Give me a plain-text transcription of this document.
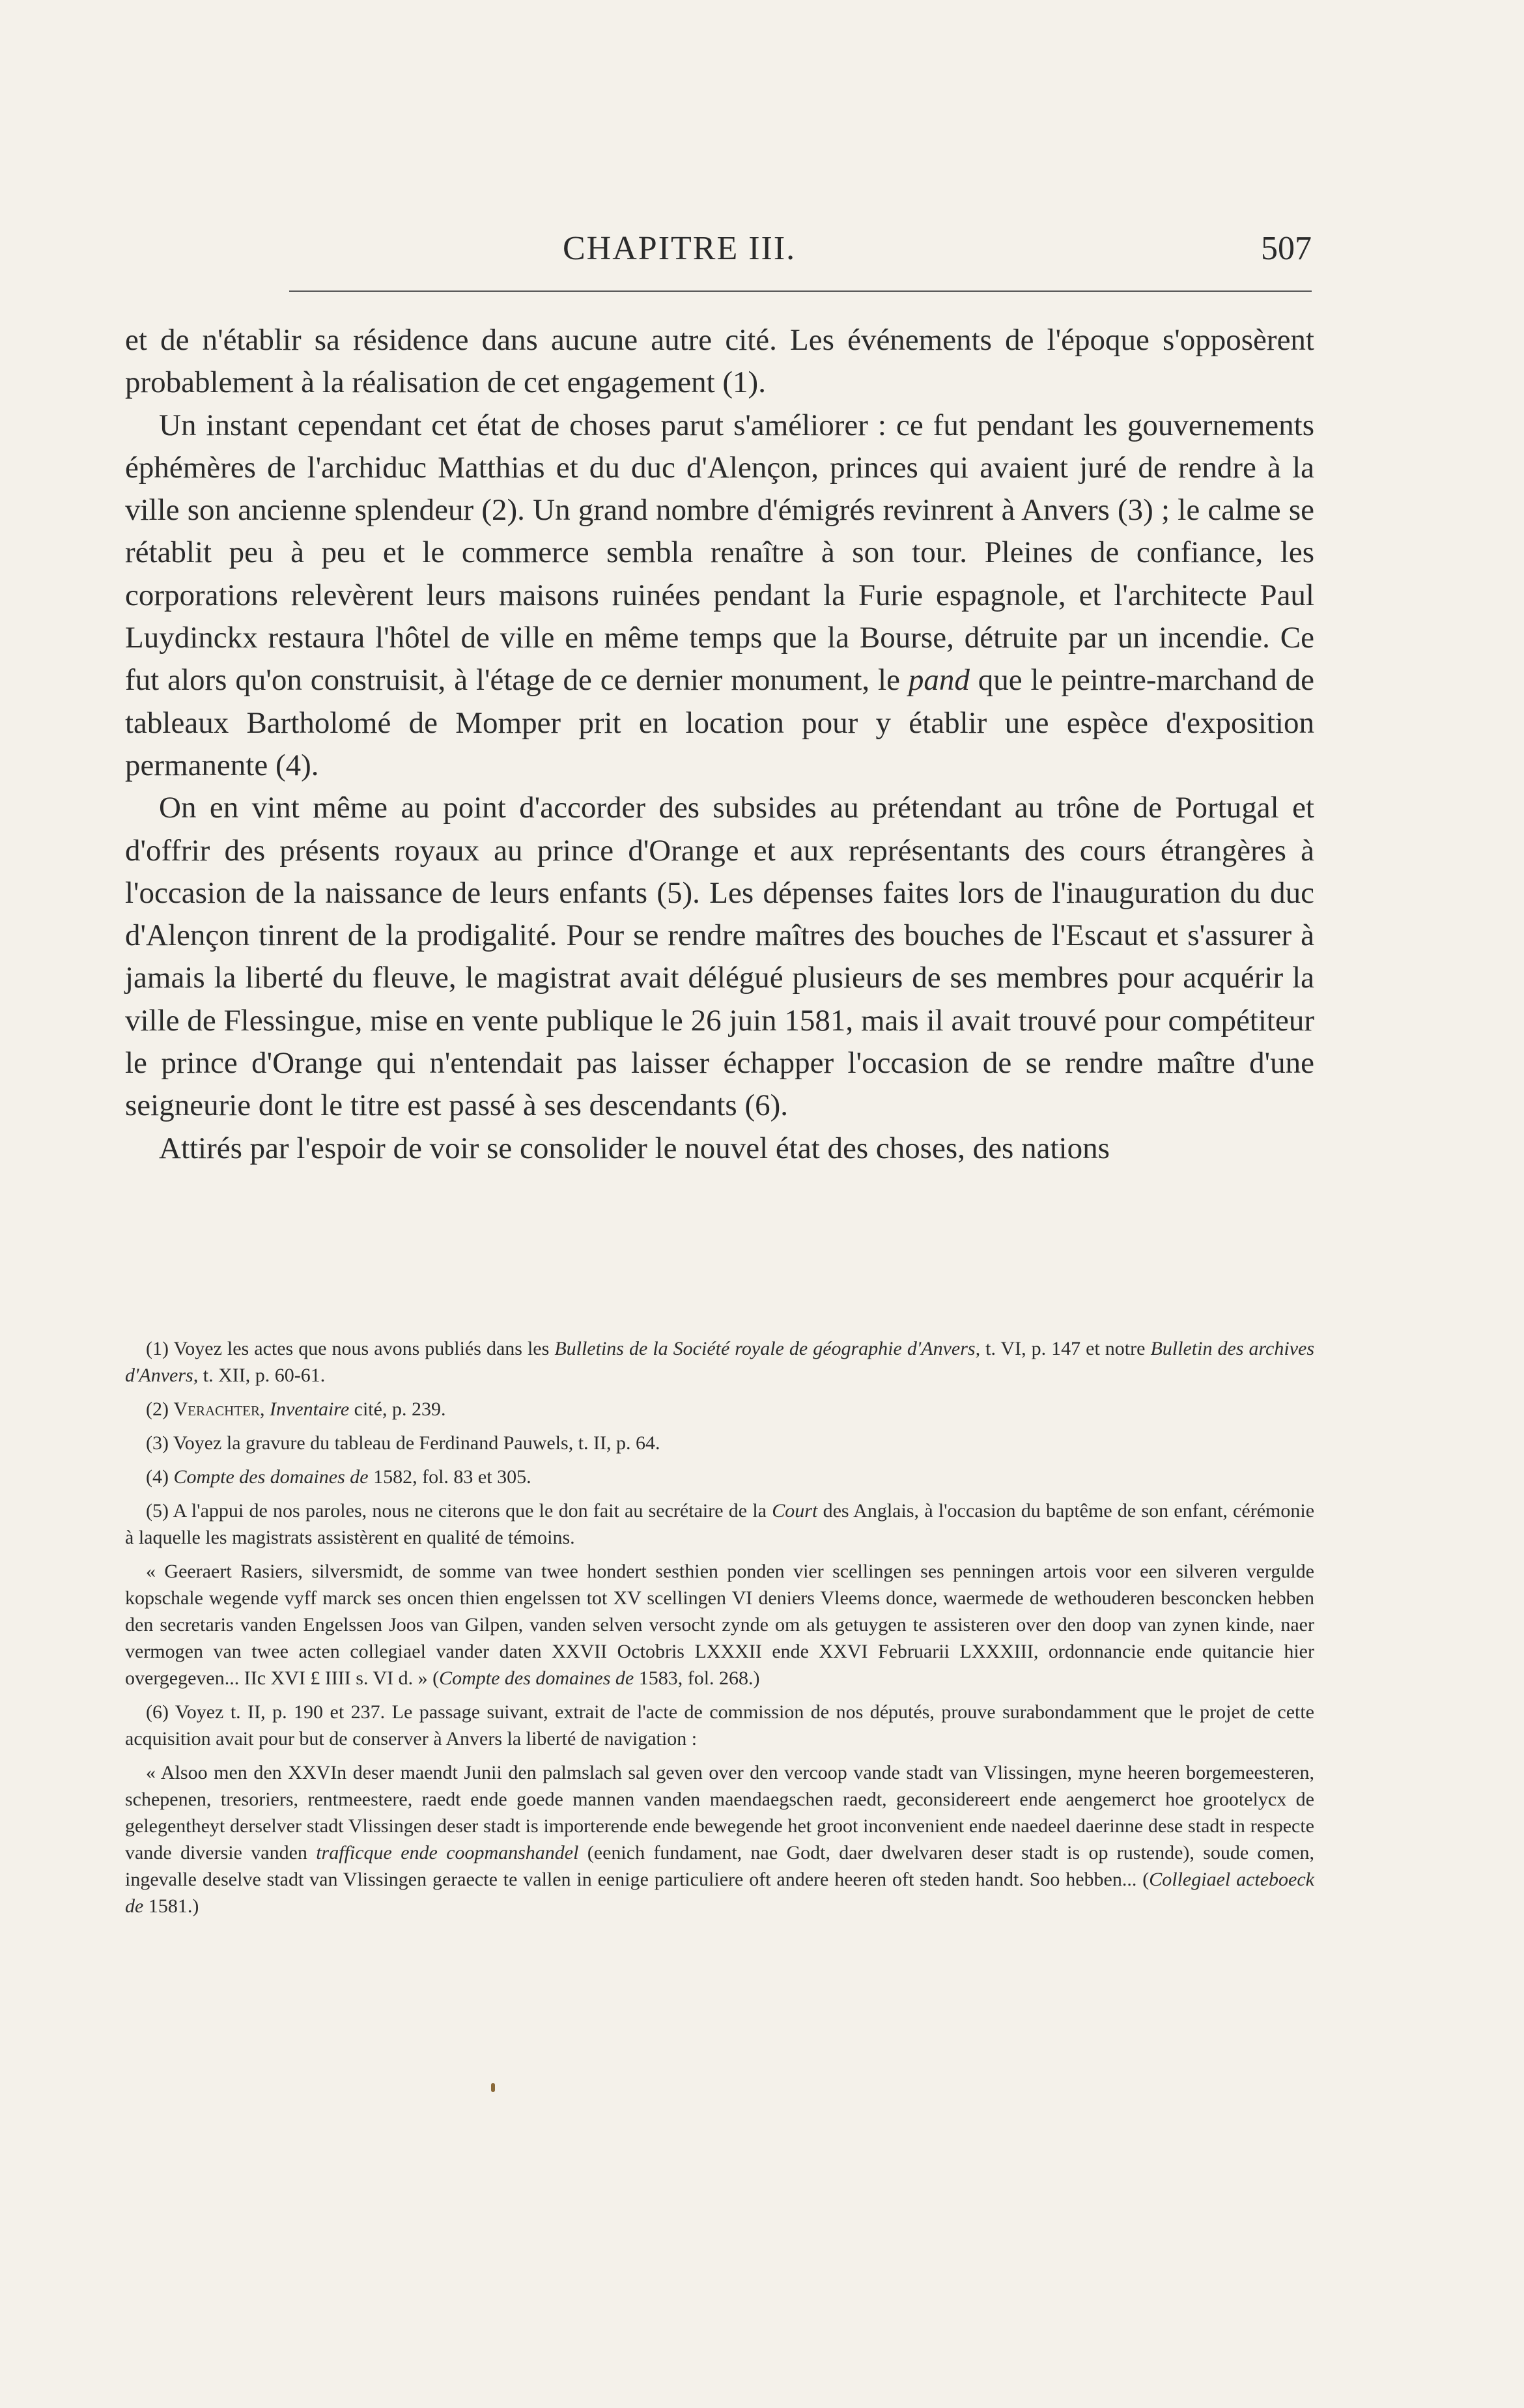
CHAPITRE III.	507

et de n'établir sa résidence dans aucune autre cité. Les événements de l'époque s'opposèrent probablement à la réalisation de cet engagement (1).

Un instant cependant cet état de choses parut s'améliorer : ce fut pendant les gouvernements éphémères de l'archiduc Matthias et du duc d'Alençon, princes qui avaient juré de rendre à la ville son ancienne splendeur (2). Un grand nombre d'émigrés revinrent à Anvers (3) ; le calme se rétablit peu à peu et le commerce sembla renaître à son tour. Pleines de confiance, les corporations relevèrent leurs maisons ruinées pendant la Furie espagnole, et l'architecte Paul Luydinckx restaura l'hôtel de ville en même temps que la Bourse, détruite par un incendie. Ce fut alors qu'on construisit, à l'étage de ce dernier monument, le pand que le peintre-marchand de tableaux Bartholomé de Momper prit en location pour y établir une espèce d'exposition permanente (4).

On en vint même au point d'accorder des subsides au prétendant au trône de Portugal et d'offrir des présents royaux au prince d'Orange et aux représentants des cours étrangères à l'occasion de la naissance de leurs enfants (5). Les dépenses faites lors de l'inauguration du duc d'Alençon tinrent de la prodigalité. Pour se rendre maîtres des bouches de l'Escaut et s'assurer à jamais la liberté du fleuve, le magistrat avait délégué plusieurs de ses membres pour acquérir la ville de Flessingue, mise en vente publique le 26 juin 1581, mais il avait trouvé pour compétiteur le prince d'Orange qui n'entendait pas laisser échapper l'occasion de se rendre maître d'une seigneurie dont le titre est passé à ses descendants (6).

Attirés par l'espoir de voir se consolider le nouvel état des choses, des nations

(1) Voyez les actes que nous avons publiés dans les Bulletins de la Société royale de géographie d'Anvers, t. VI, p. 147 et notre Bulletin des archives d'Anvers, t. XII, p. 60-61.

(2) Verachter, Inventaire cité, p. 239.

(3) Voyez la gravure du tableau de Ferdinand Pauwels, t. II, p. 64.

(4) Compte des domaines de 1582, fol. 83 et 305.

(5) A l'appui de nos paroles, nous ne citerons que le don fait au secrétaire de la Court des Anglais, à l'occasion du baptême de son enfant, cérémonie à laquelle les magistrats assistèrent en qualité de témoins.

« Geeraert Rasiers, silversmidt, de somme van twee hondert sesthien ponden vier scellingen ses penningen artois voor een silveren vergulde kopschale wegende vyff marck ses oncen thien engelssen tot XV scellingen VI deniers Vleems donce, waermede de wethouderen besconcken hebben den secretaris vanden Engelssen Joos van Gilpen, vanden selven versocht zynde om als getuygen te assisteren over den doop van zynen kinde, naer vermogen van twee acten collegiael vander daten XXVII Octobris LXXXII ende XXVI Februarii LXXXIII, ordonnancie ende quitancie hier overgegeven... IIc XVI £ IIII s. VI d. » (Compte des domaines de 1583, fol. 268.)

(6) Voyez t. II, p. 190 et 237. Le passage suivant, extrait de l'acte de commission de nos députés, prouve surabondamment que le projet de cette acquisition avait pour but de conserver à Anvers la liberté de navigation :

« Alsoo men den XXVIn deser maendt Junii den palmslach sal geven over den vercoop vande stadt van Vlissingen, myne heeren borgemeesteren, schepenen, tresoriers, rentmeestere, raedt ende goede mannen vanden maendaegschen raedt, geconsidereert ende aengemerct hoe grootelycx de gelegentheyt derselver stadt Vlissingen deser stadt is importerende ende bewegende het groot inconvenient ende naedeel daerinne dese stadt in respecte vande diversie vanden trafficque ende coopmanshandel (eenich fundament, nae Godt, daer dwelvaren deser stadt is op rustende), soude comen, ingevalle deselve stadt van Vlissingen geraecte te vallen in eenige particuliere oft andere heeren oft steden handt. Soo hebben... (Collegiael acteboeck de 1581.)
